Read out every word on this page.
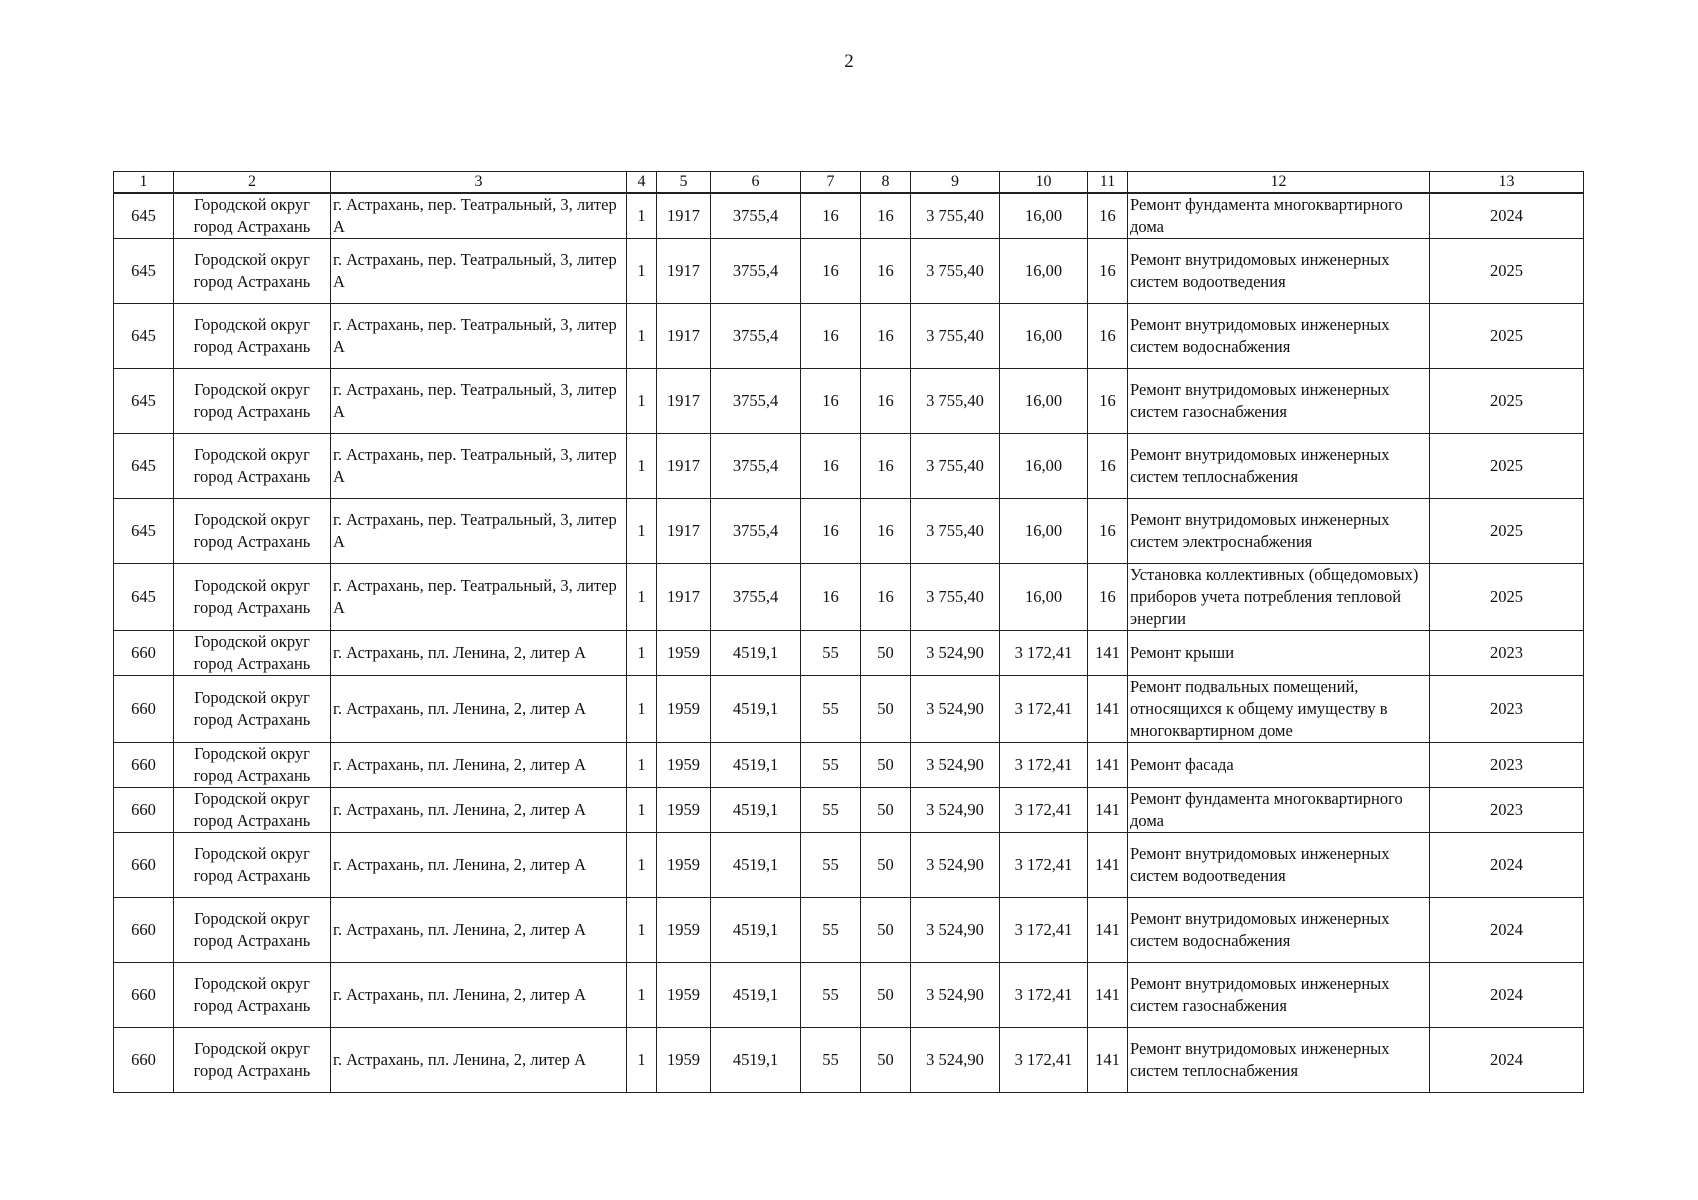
2
1	2	3	4	5	6	7	8	9	10	11	12	13
645	Городской округ город Астрахань	г. Астрахань, пер. Театральный, 3, литер А	1	1917	3755,4	16	16	3 755,40	16,00	16	Ремонт фундамента многоквартирного дома	2024
645	Городской округ город Астрахань	г. Астрахань, пер. Театральный, 3, литер А	1	1917	3755,4	16	16	3 755,40	16,00	16	Ремонт внутридомовых инженерных систем водоотведения	2025
645	Городской округ город Астрахань	г. Астрахань, пер. Театральный, 3, литер А	1	1917	3755,4	16	16	3 755,40	16,00	16	Ремонт внутридомовых инженерных систем водоснабжения	2025
645	Городской округ город Астрахань	г. Астрахань, пер. Театральный, 3, литер А	1	1917	3755,4	16	16	3 755,40	16,00	16	Ремонт внутридомовых инженерных систем газоснабжения	2025
645	Городской округ город Астрахань	г. Астрахань, пер. Театральный, 3, литер А	1	1917	3755,4	16	16	3 755,40	16,00	16	Ремонт внутридомовых инженерных систем теплоснабжения	2025
645	Городской округ город Астрахань	г. Астрахань, пер. Театральный, 3, литер А	1	1917	3755,4	16	16	3 755,40	16,00	16	Ремонт внутридомовых инженерных систем электроснабжения	2025
645	Городской округ город Астрахань	г. Астрахань, пер. Театральный, 3, литер А	1	1917	3755,4	16	16	3 755,40	16,00	16	Установка коллективных (общедомовых) приборов учета потребления тепловой энергии	2025
660	Городской округ город Астрахань	г. Астрахань, пл. Ленина, 2, литер А	1	1959	4519,1	55	50	3 524,90	3 172,41	141	Ремонт крыши	2023
660	Городской округ город Астрахань	г. Астрахань, пл. Ленина, 2, литер А	1	1959	4519,1	55	50	3 524,90	3 172,41	141	Ремонт подвальных помещений, относящихся к общему имуществу в многоквартирном доме	2023
660	Городской округ город Астрахань	г. Астрахань, пл. Ленина, 2, литер А	1	1959	4519,1	55	50	3 524,90	3 172,41	141	Ремонт фасада	2023
660	Городской округ город Астрахань	г. Астрахань, пл. Ленина, 2, литер А	1	1959	4519,1	55	50	3 524,90	3 172,41	141	Ремонт фундамента многоквартирного дома	2023
660	Городской округ город Астрахань	г. Астрахань, пл. Ленина, 2, литер А	1	1959	4519,1	55	50	3 524,90	3 172,41	141	Ремонт внутридомовых инженерных систем водоотведения	2024
660	Городской округ город Астрахань	г. Астрахань, пл. Ленина, 2, литер А	1	1959	4519,1	55	50	3 524,90	3 172,41	141	Ремонт внутридомовых инженерных систем водоснабжения	2024
660	Городской округ город Астрахань	г. Астрахань, пл. Ленина, 2, литер А	1	1959	4519,1	55	50	3 524,90	3 172,41	141	Ремонт внутридомовых инженерных систем газоснабжения	2024
660	Городской округ город Астрахань	г. Астрахань, пл. Ленина, 2, литер А	1	1959	4519,1	55	50	3 524,90	3 172,41	141	Ремонт внутридомовых инженерных систем теплоснабжения	2024
